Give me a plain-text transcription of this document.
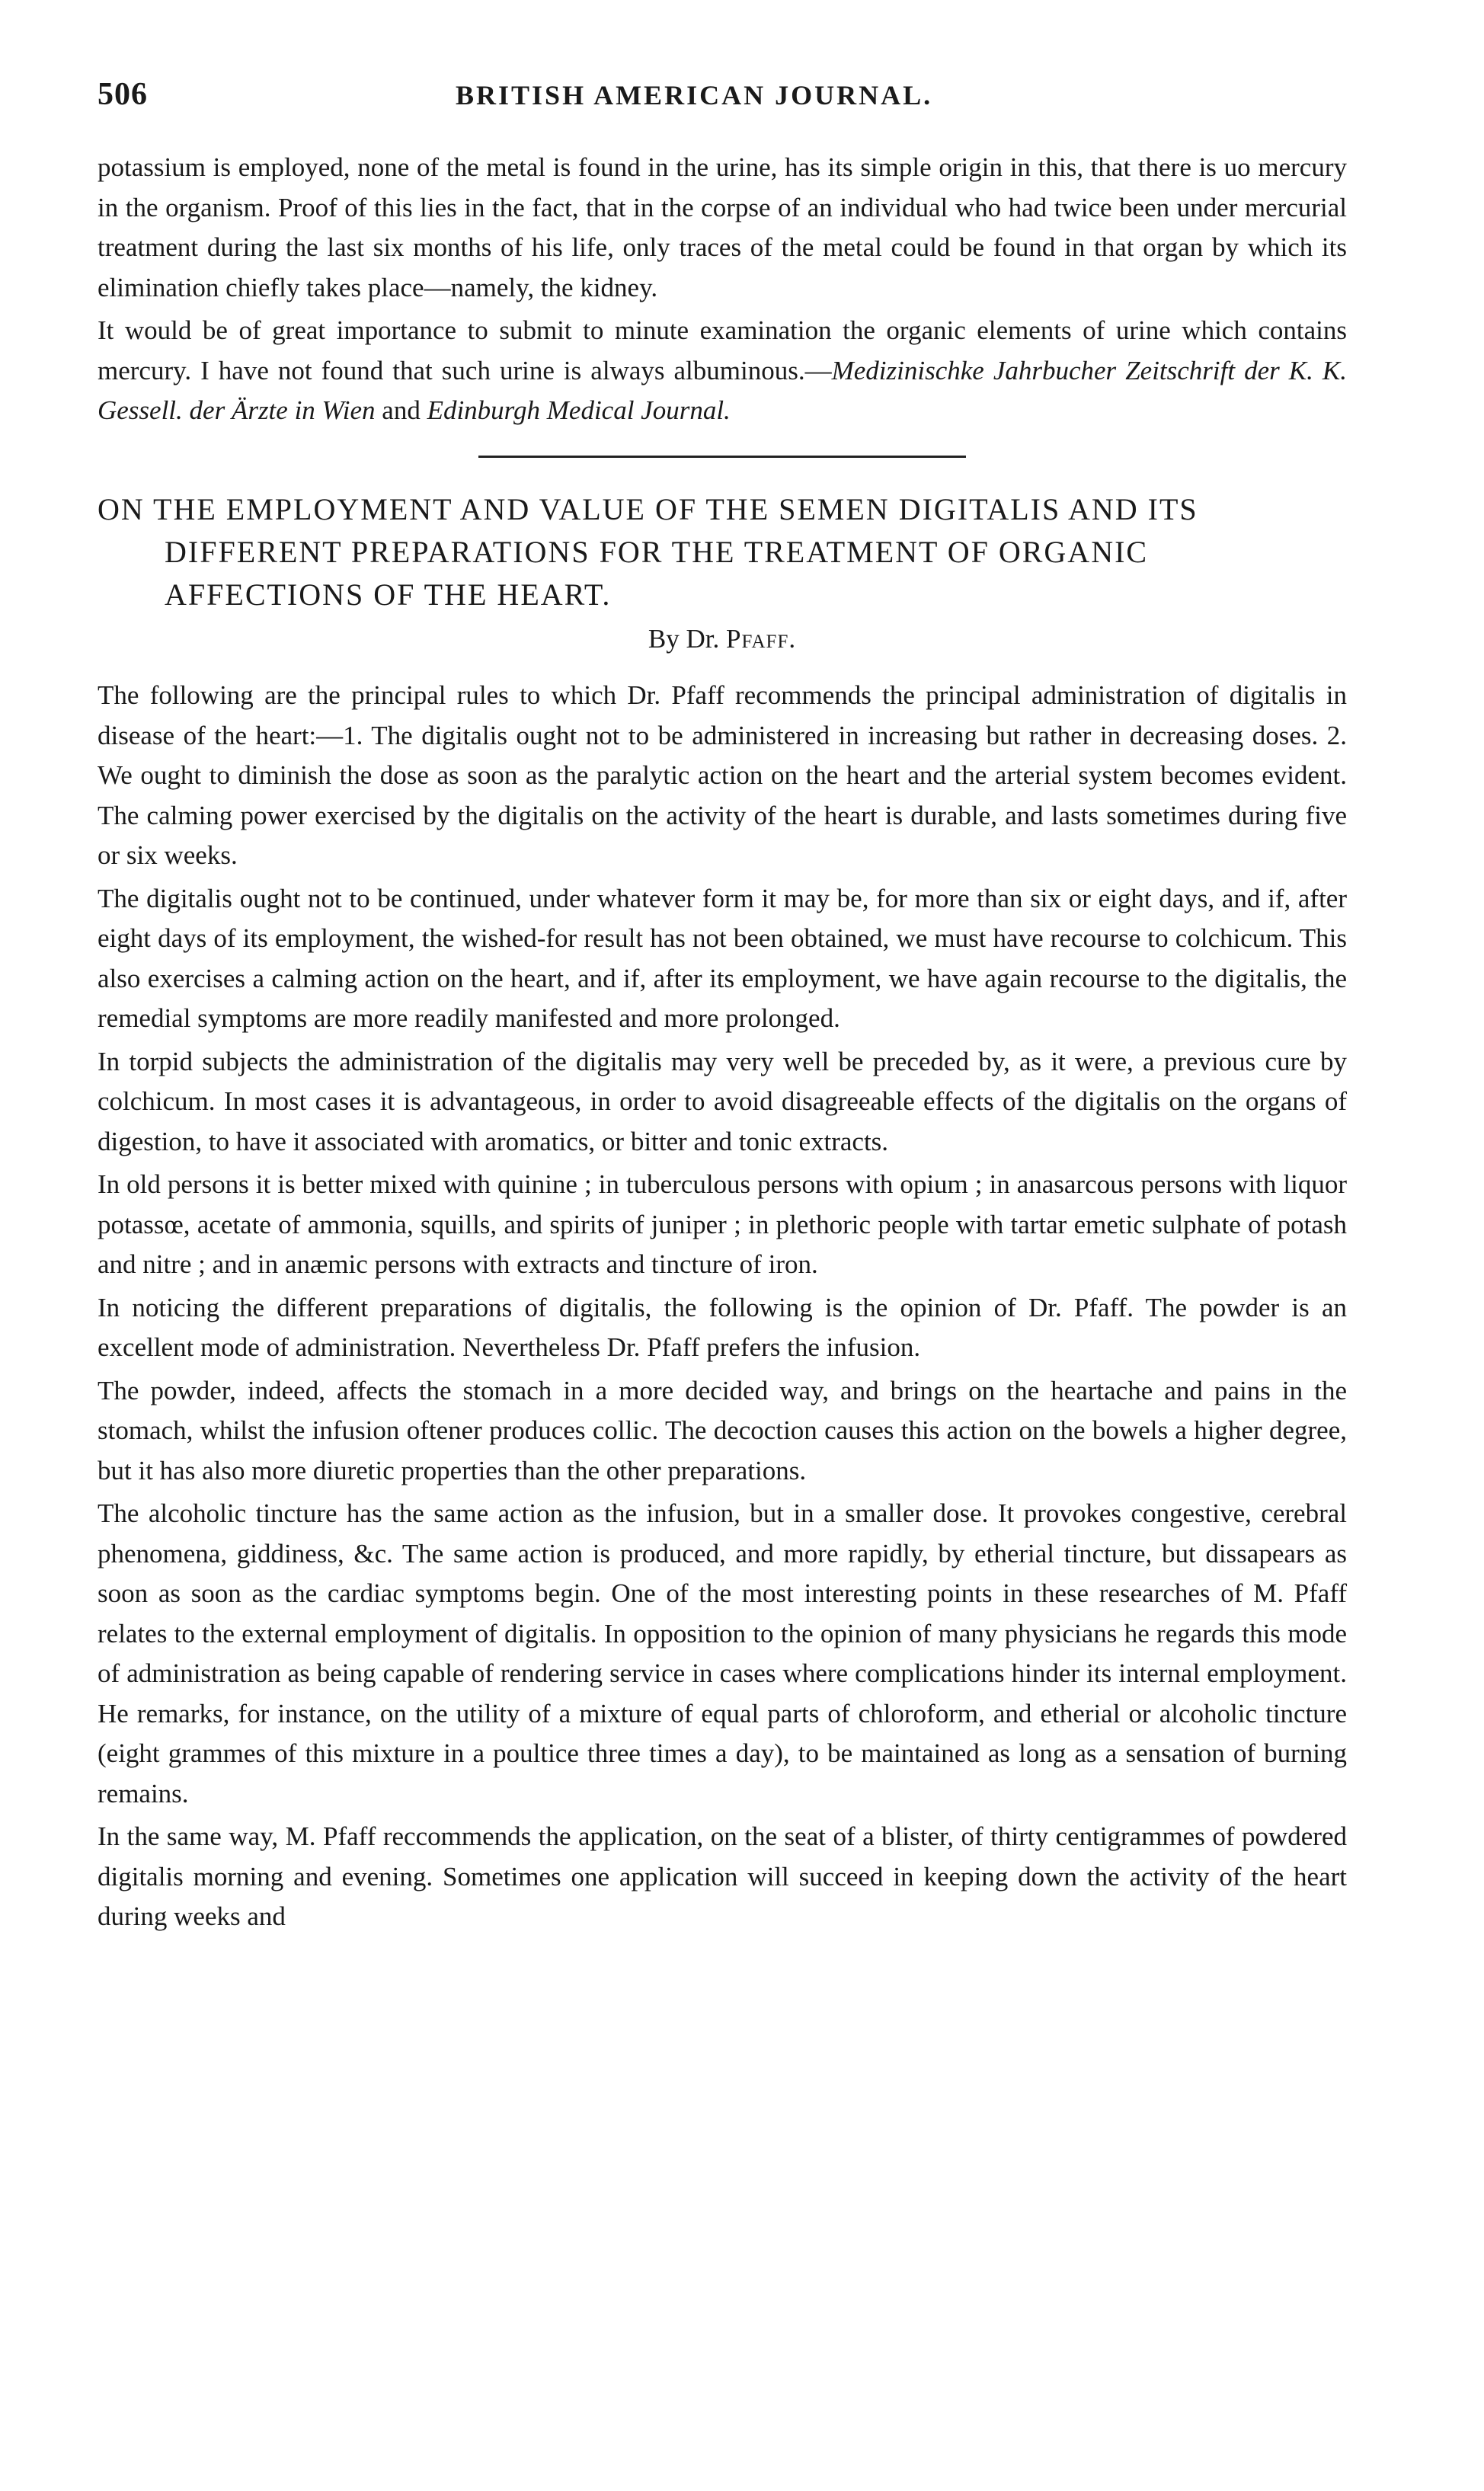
506	BRITISH AMERICAN JOURNAL.

potassium is employed, none of the metal is found in the urine, has its simple origin in this, that there is uo mercury in the organism. Proof of this lies in the fact, that in the corpse of an individual who had twice been under mercurial treatment during the last six months of his life, only traces of the metal could be found in that organ by which its elimination chiefly takes place—namely, the kidney.

It would be of great importance to submit to minute examination the organic elements of urine which contains mercury. I have not found that such urine is always albuminous.—Medizinischke Jahrbucher Zeitschrift der K. K. Gessell. der Ärzte in Wien and Edinburgh Medical Journal.

ON THE EMPLOYMENT AND VALUE OF THE SEMEN DIGITALIS AND ITS DIFFERENT PREPARATIONS FOR THE TREATMENT OF ORGANIC AFFECTIONS OF THE HEART.
By Dr. Pfaff.

The following are the principal rules to which Dr. Pfaff recommends the principal administration of digitalis in disease of the heart:—1. The digitalis ought not to be administered in increasing but rather in decreasing doses. 2. We ought to diminish the dose as soon as the paralytic action on the heart and the arterial system becomes evident. The calming power exercised by the digitalis on the activity of the heart is durable, and lasts sometimes during five or six weeks.

The digitalis ought not to be continued, under whatever form it may be, for more than six or eight days, and if, after eight days of its employment, the wished-for result has not been obtained, we must have recourse to colchicum. This also exercises a calming action on the heart, and if, after its employment, we have again recourse to the digitalis, the remedial symptoms are more readily manifested and more prolonged.

In torpid subjects the administration of the digitalis may very well be preceded by, as it were, a previous cure by colchicum. In most cases it is advantageous, in order to avoid disagreeable effects of the digitalis on the organs of digestion, to have it associated with aromatics, or bitter and tonic extracts.

In old persons it is better mixed with quinine ; in tuberculous persons with opium ; in anasarcous persons with liquor potassœ, acetate of ammonia, squills, and spirits of juniper ; in plethoric people with tartar emetic sulphate of potash and nitre ; and in anæmic persons with extracts and tincture of iron.

In noticing the different preparations of digitalis, the following is the opinion of Dr. Pfaff. The powder is an excellent mode of administration. Nevertheless Dr. Pfaff prefers the infusion.

The powder, indeed, affects the stomach in a more decided way, and brings on the heartache and pains in the stomach, whilst the infusion oftener produces collic. The decoction causes this action on the bowels a higher degree, but it has also more diuretic properties than the other preparations.

The alcoholic tincture has the same action as the infusion, but in a smaller dose. It provokes congestive, cerebral phenomena, giddiness, &c. The same action is produced, and more rapidly, by etherial tincture, but dissapears as soon as soon as the cardiac symptoms begin. One of the most interesting points in these researches of M. Pfaff relates to the external employment of digitalis. In opposition to the opinion of many physicians he regards this mode of administration as being capable of rendering service in cases where complications hinder its internal employment. He remarks, for instance, on the utility of a mixture of equal parts of chloroform, and etherial or alcoholic tincture (eight grammes of this mixture in a poultice three times a day), to be maintained as long as a sensation of burning remains.

In the same way, M. Pfaff reccommends the application, on the seat of a blister, of thirty centigrammes of powdered digitalis morning and evening. Sometimes one application will succeed in keeping down the activity of the heart during weeks and
